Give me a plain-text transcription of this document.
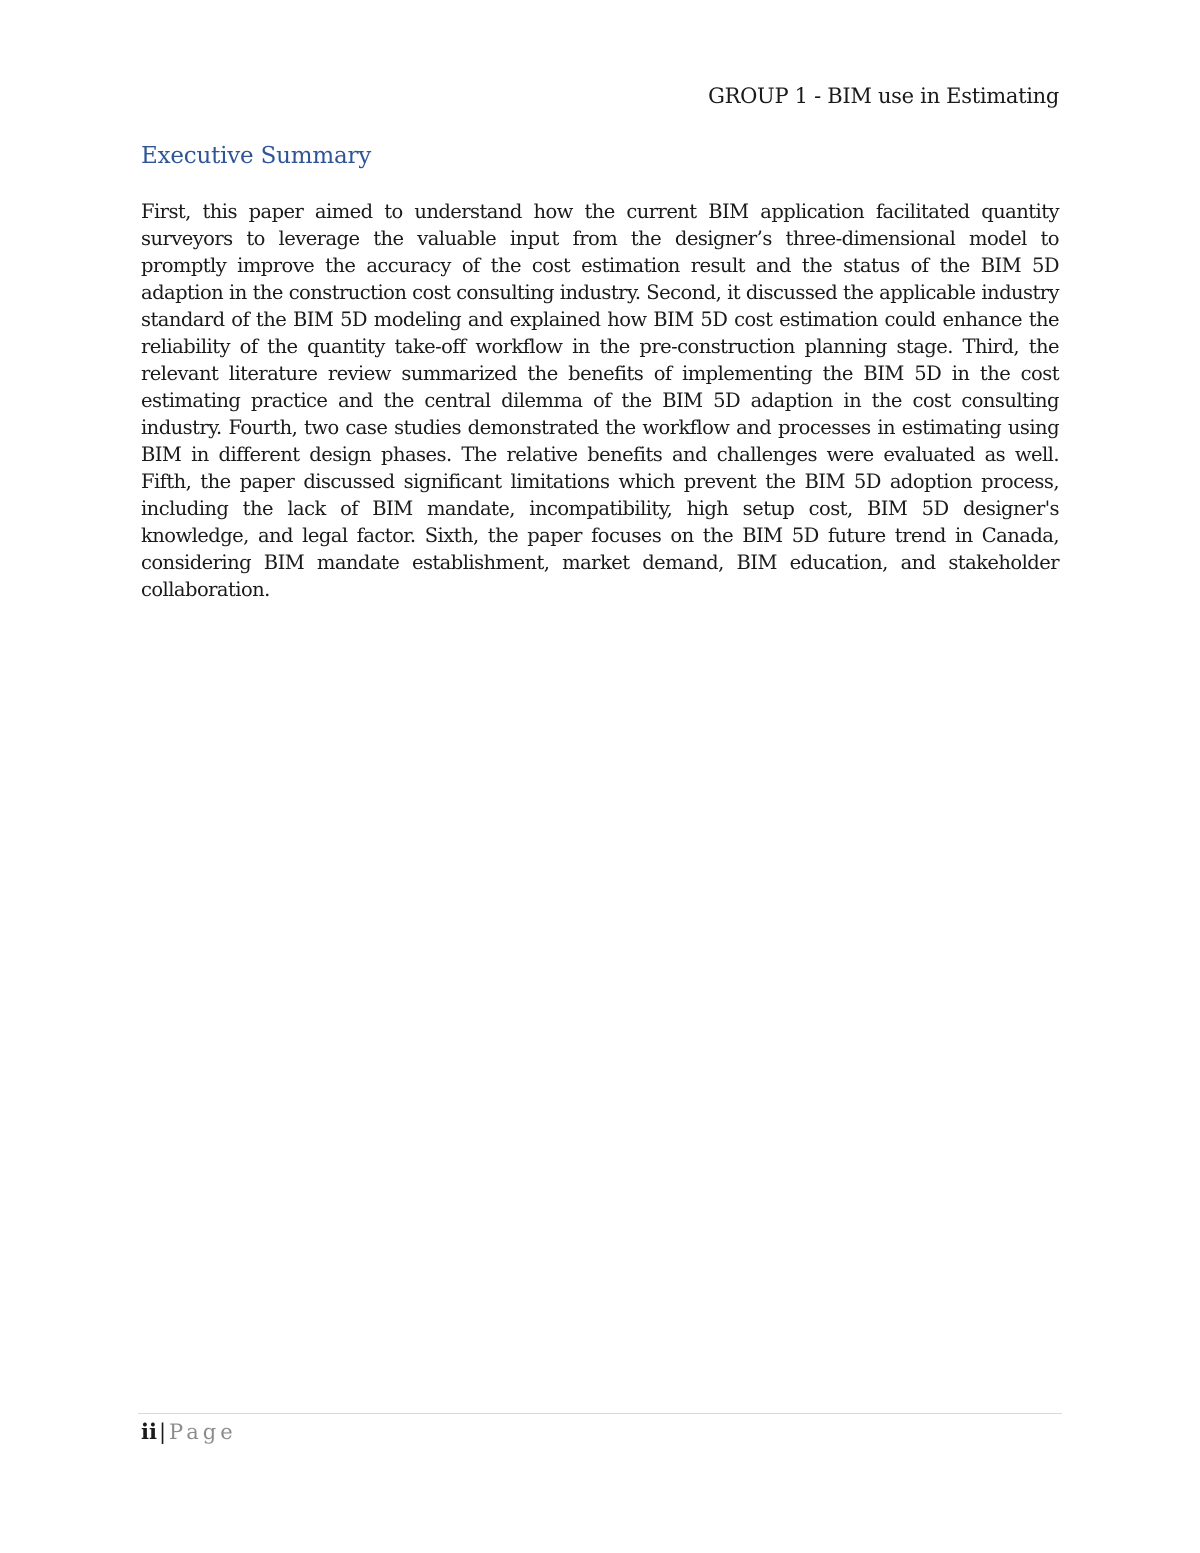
GROUP 1 - BIM use in Estimating
Executive Summary

First, this paper aimed to understand how the current BIM application facilitated quantity surveyors to leverage the valuable input from the designer’s three-dimensional model to promptly improve the accuracy of the cost estimation result and the status of the BIM 5D adaption in the construction cost consulting industry. Second, it discussed the applicable industry standard of the BIM 5D modeling and explained how BIM 5D cost estimation could enhance the reliability of the quantity take-off workflow in the pre-construction planning stage. Third, the relevant literature review summarized the benefits of implementing the BIM 5D in the cost estimating practice and the central dilemma of the BIM 5D adaption in the cost consulting industry. Fourth, two case studies demonstrated the workflow and processes in estimating using BIM in different design phases. The relative benefits and challenges were evaluated as well. Fifth, the paper discussed significant limitations which prevent the BIM 5D adoption process, including the lack of BIM mandate, incompatibility, high setup cost, BIM 5D designer's knowledge, and legal factor. Sixth, the paper focuses on the BIM 5D future trend in Canada, considering BIM mandate establishment, market demand, BIM education, and stakeholder collaboration.

ii| Page
